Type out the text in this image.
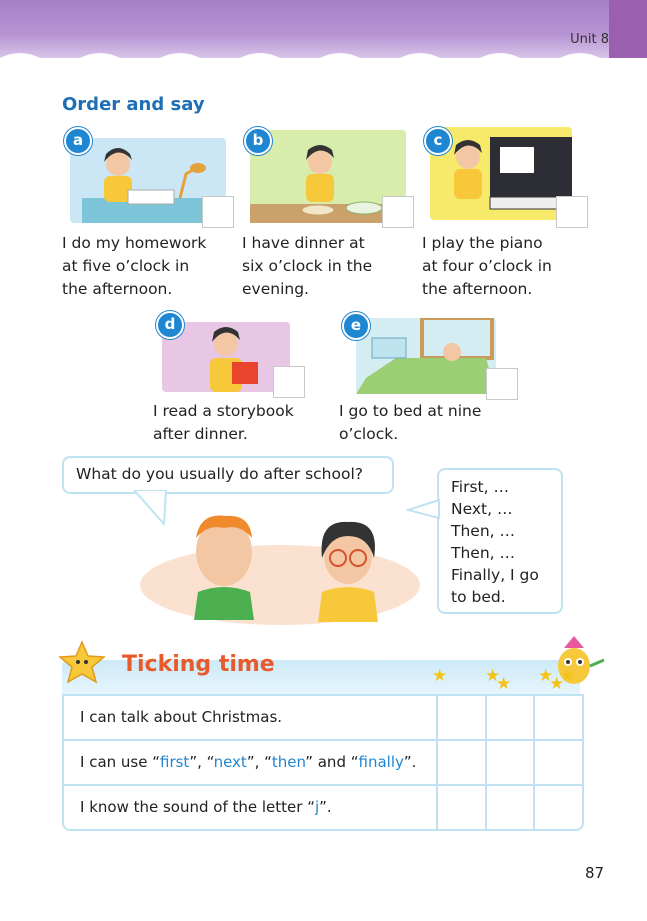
Unit 8
Order and say
a	b	c
I do my homework
at five o’clock in
the afternoon.
I have dinner at
six o’clock in the
evening.
I play the piano
at four o’clock in
the afternoon.
d	e
I read a storybook
after dinner.
I go to bed at nine
o’clock.
What do you usually do after school?
First, …
Next, …
Then, …
Then, …
Finally, I go
to bed.
Ticking time	★ ★
★ ★
★
★
I can talk about Christmas.
I can use “first”, “next”, “then” and “finally”.
I know the sound of the letter “j”.
87
